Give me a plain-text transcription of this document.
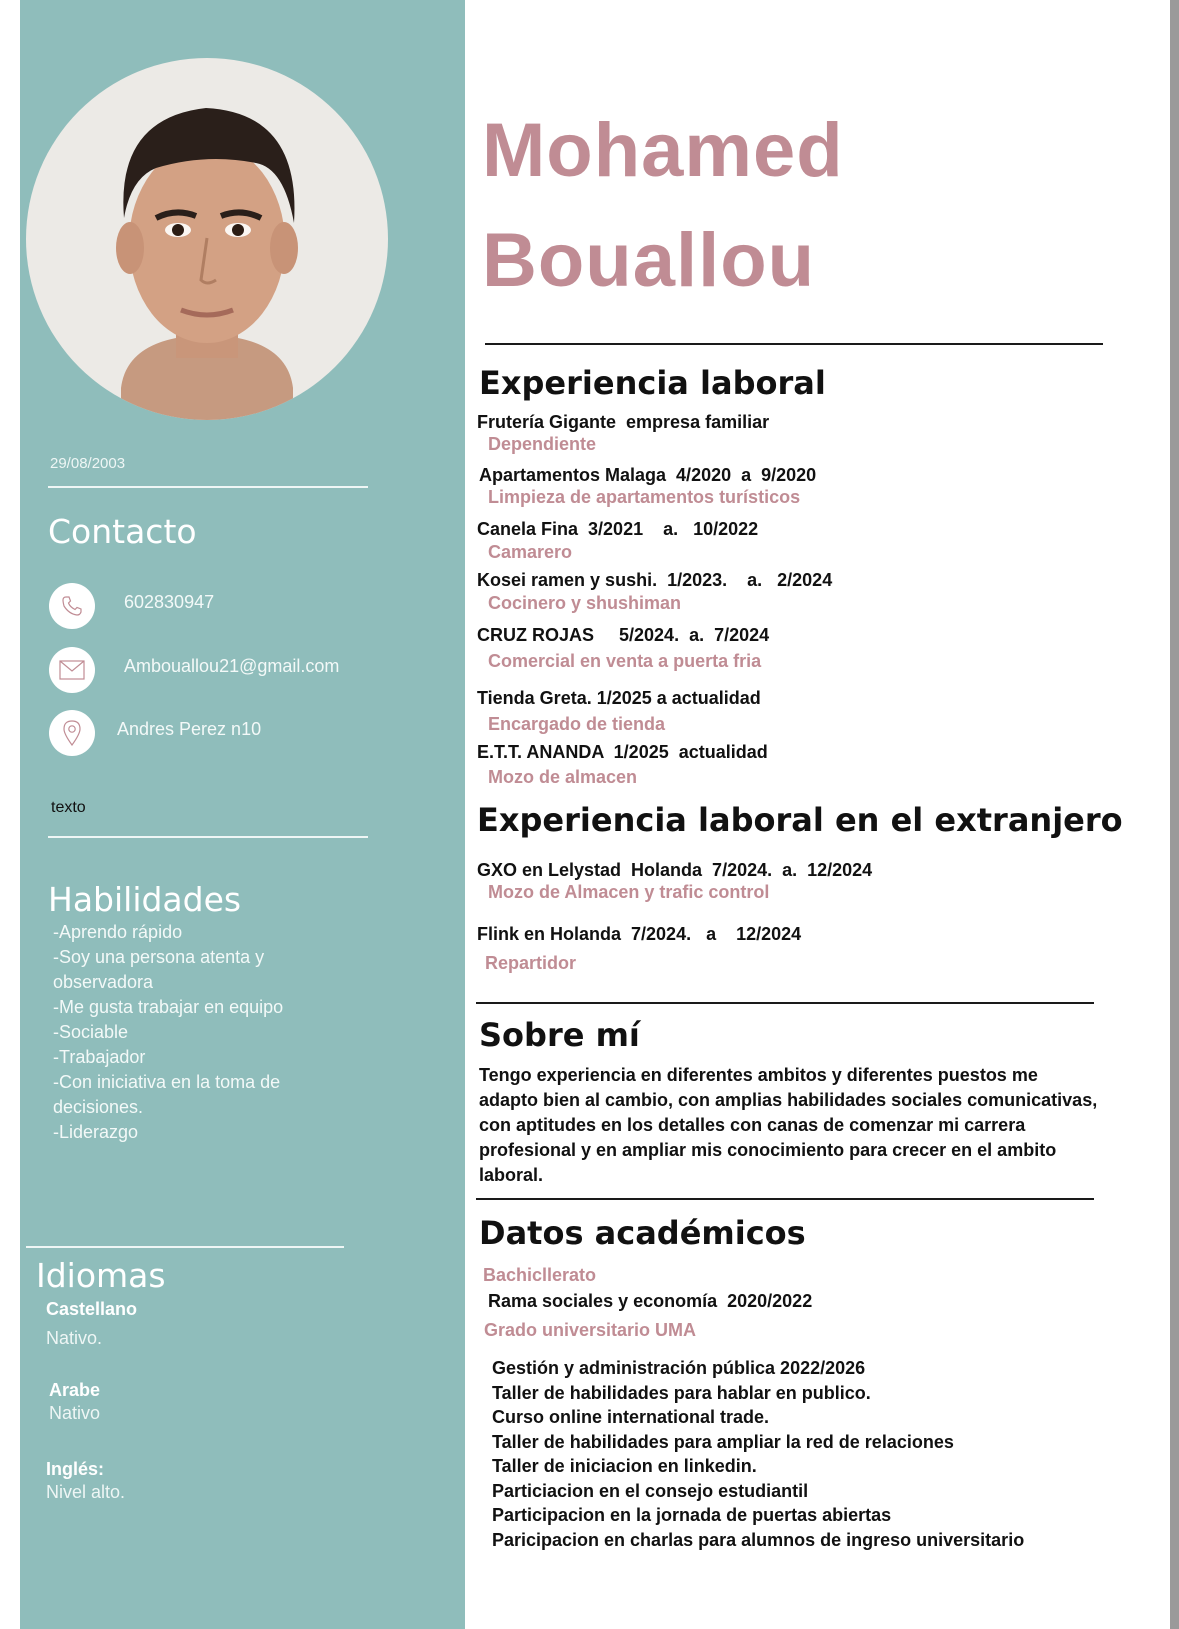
29/08/2003
Contacto
602830947
Ambouallou21@gmail.com
Andres Perez n10
texto
Habilidades
-Aprendo rápido
-Soy una persona atenta y
observadora
-Me gusta trabajar en equipo
-Sociable
-Trabajador
-Con iniciativa en la toma de
decisiones.
-Liderazgo
Idiomas
Castellano
Nativo.
Arabe
Nativo
Inglés:
Nivel alto.
Mohamed
Bouallou
Experiencia laboral
Frutería Gigante  empresa familiar
Dependiente
Apartamentos Malaga  4/2020  a  9/2020
Limpieza de apartamentos turísticos
Canela Fina  3/2021    a.   10/2022
Camarero
Kosei ramen y sushi.  1/2023.    a.   2/2024
Cocinero y shushiman
CRUZ ROJAS     5/2024.  a.  7/2024
Comercial en venta a puerta fria
Tienda Greta. 1/2025 a actualidad
Encargado de tienda
E.T.T. ANANDA  1/2025  actualidad
Mozo de almacen
Experiencia laboral en el extranjero
GXO en Lelystad  Holanda  7/2024.  a.  12/2024
Mozo de Almacen y trafic control
Flink en Holanda  7/2024.   a    12/2024
Repartidor
Sobre mí
Tengo experiencia en diferentes ambitos y diferentes puestos me adapto bien al cambio, con amplias habilidades sociales comunicativas, con aptitudes en los detalles con canas de comenzar mi carrera profesional y en ampliar mis conocimiento para crecer en el ambito laboral.
Datos académicos
Bachicllerato
Rama sociales y economía  2020/2022
Grado universitario UMA
Gestión y administración pública 2022/2026
Taller de habilidades para hablar en publico.
Curso online international trade.
Taller de habilidades para ampliar la red de relaciones
Taller de iniciacion en linkedin.
Particiacion en el consejo estudiantil
Participacion en la jornada de puertas abiertas
Paricipacion en charlas para alumnos de ingreso universitario
